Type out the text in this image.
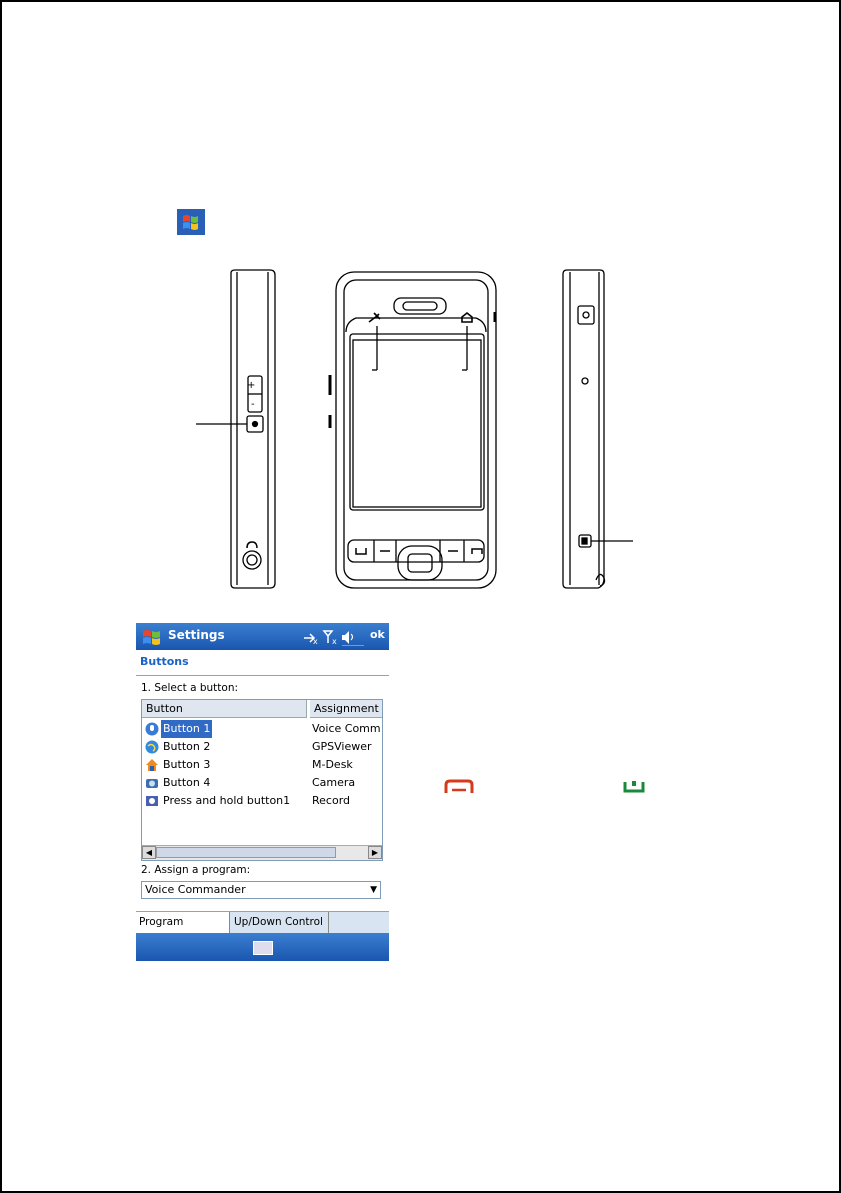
+
-
Settings	x x
ok
Buttons
1. Select a button:
Button	Assignment
Button 1	Voice Comm
Button 2	GPSViewer
Button 3	M-Desk
Button 4	Camera
Press and hold button1 Record
◀	▶
2. Assign a program:
Voice Commander	▼
Program	Up/Down Control
